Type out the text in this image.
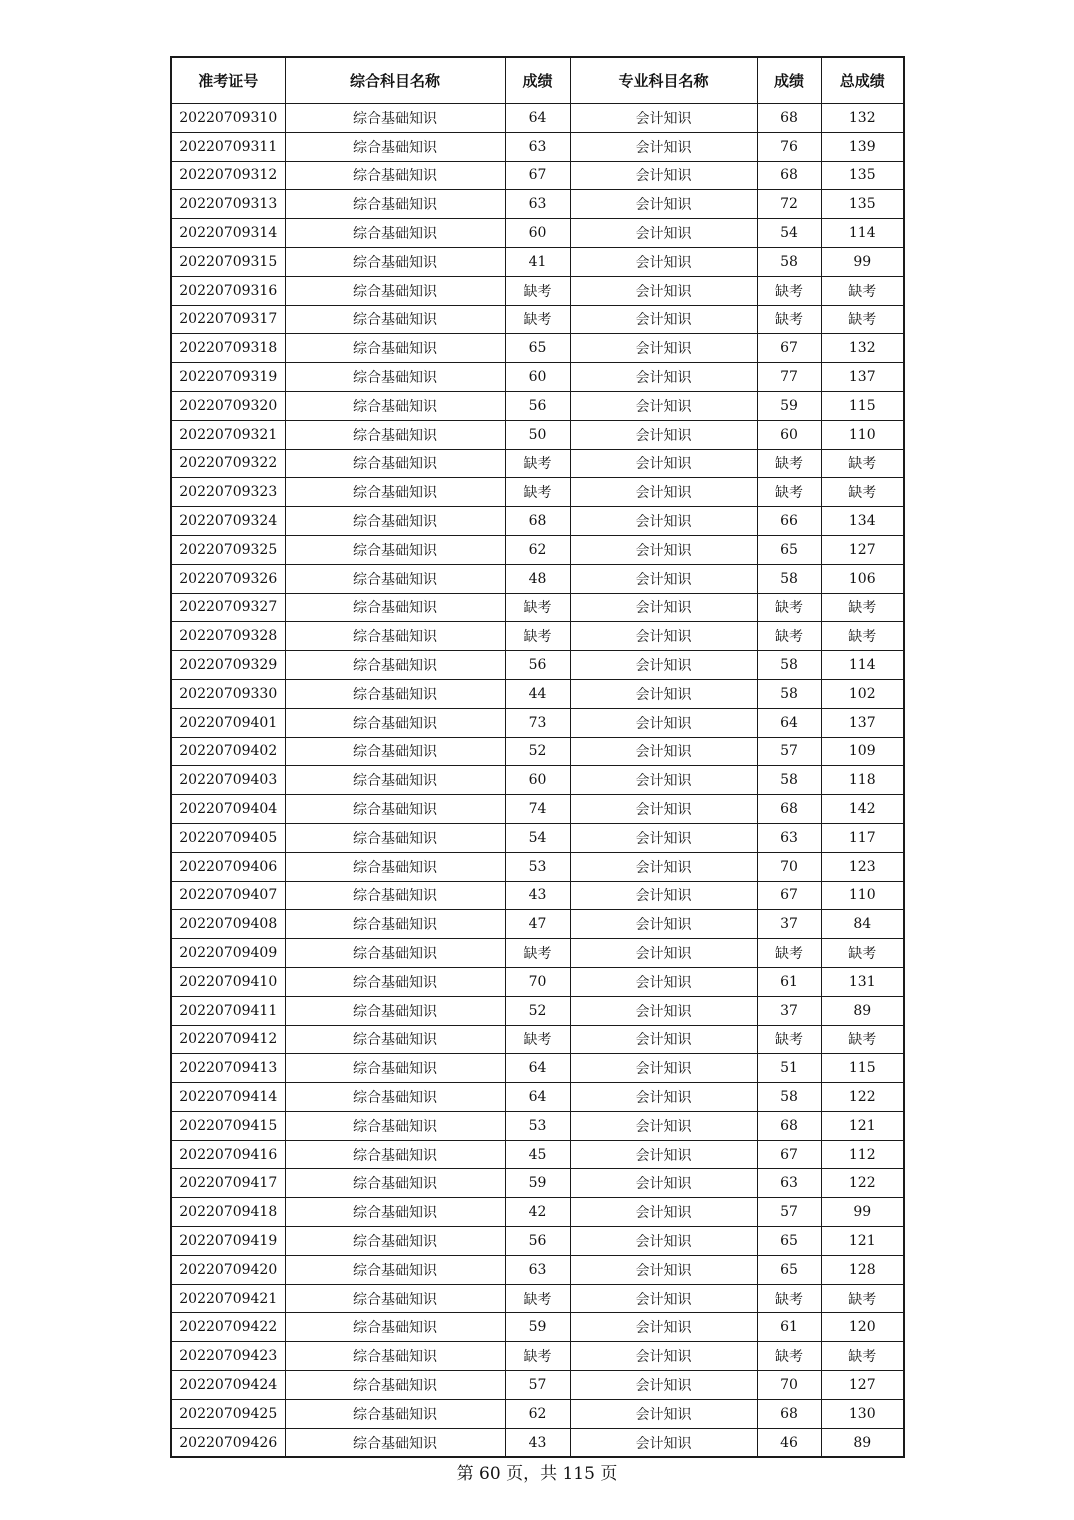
准考证号	综合科目名称	成绩	专业科目名称	成绩	总成绩
20220709310	综合基础知识	64	会计知识	68	132
20220709311	综合基础知识	63	会计知识	76	139
20220709312	综合基础知识	67	会计知识	68	135
20220709313	综合基础知识	63	会计知识	72	135
20220709314	综合基础知识	60	会计知识	54	114
20220709315	综合基础知识	41	会计知识	58	99
20220709316	综合基础知识	缺考	会计知识	缺考	缺考
20220709317	综合基础知识	缺考	会计知识	缺考	缺考
20220709318	综合基础知识	65	会计知识	67	132
20220709319	综合基础知识	60	会计知识	77	137
20220709320	综合基础知识	56	会计知识	59	115
20220709321	综合基础知识	50	会计知识	60	110
20220709322	综合基础知识	缺考	会计知识	缺考	缺考
20220709323	综合基础知识	缺考	会计知识	缺考	缺考
20220709324	综合基础知识	68	会计知识	66	134
20220709325	综合基础知识	62	会计知识	65	127
20220709326	综合基础知识	48	会计知识	58	106
20220709327	综合基础知识	缺考	会计知识	缺考	缺考
20220709328	综合基础知识	缺考	会计知识	缺考	缺考
20220709329	综合基础知识	56	会计知识	58	114
20220709330	综合基础知识	44	会计知识	58	102
20220709401	综合基础知识	73	会计知识	64	137
20220709402	综合基础知识	52	会计知识	57	109
20220709403	综合基础知识	60	会计知识	58	118
20220709404	综合基础知识	74	会计知识	68	142
20220709405	综合基础知识	54	会计知识	63	117
20220709406	综合基础知识	53	会计知识	70	123
20220709407	综合基础知识	43	会计知识	67	110
20220709408	综合基础知识	47	会计知识	37	84
20220709409	综合基础知识	缺考	会计知识	缺考	缺考
20220709410	综合基础知识	70	会计知识	61	131
20220709411	综合基础知识	52	会计知识	37	89
20220709412	综合基础知识	缺考	会计知识	缺考	缺考
20220709413	综合基础知识	64	会计知识	51	115
20220709414	综合基础知识	64	会计知识	58	122
20220709415	综合基础知识	53	会计知识	68	121
20220709416	综合基础知识	45	会计知识	67	112
20220709417	综合基础知识	59	会计知识	63	122
20220709418	综合基础知识	42	会计知识	57	99
20220709419	综合基础知识	56	会计知识	65	121
20220709420	综合基础知识	63	会计知识	65	128
20220709421	综合基础知识	缺考	会计知识	缺考	缺考
20220709422	综合基础知识	59	会计知识	61	120
20220709423	综合基础知识	缺考	会计知识	缺考	缺考
20220709424	综合基础知识	57	会计知识	70	127
20220709425	综合基础知识	62	会计知识	68	130
20220709426	综合基础知识	43	会计知识	46	89
第 60 页，共 115 页
